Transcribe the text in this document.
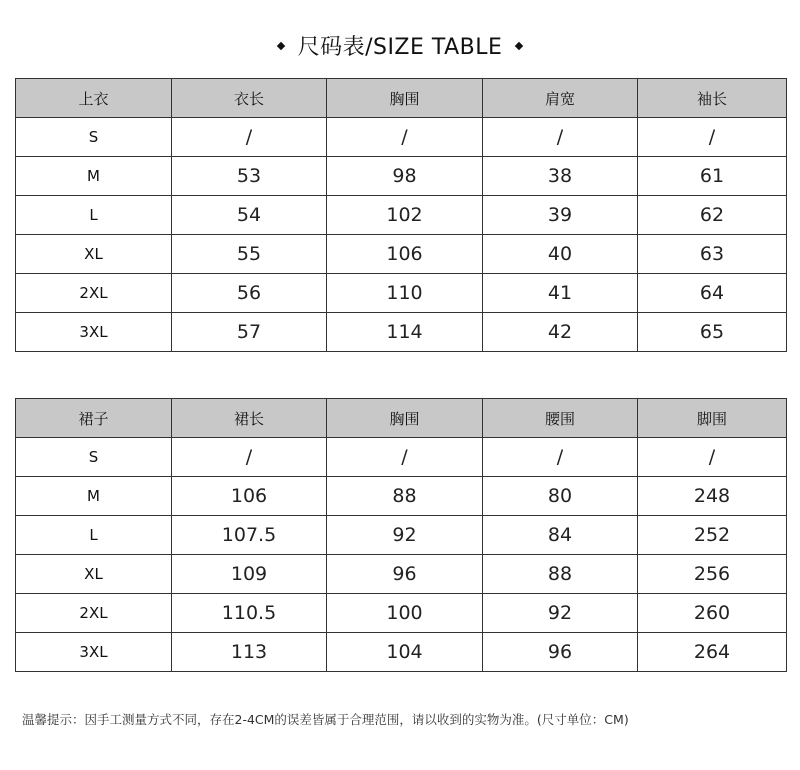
尺码表/SIZE TABLE
上衣	衣长	胸围	肩宽	袖长
S	/	/	/	/
M	53	98	38	61
L	54	102	39	62
XL	55	106	40	63
2XL	56	110	41	64
3XL	57	114	42	65
裙子	裙长	胸围	腰围	脚围
S	/	/	/	/
M	106	88	80	248
L	107.5	92	84	252
XL	109	96	88	256
2XL	110.5	100	92	260
3XL	113	104	96	264
温馨提示：因手工测量方式不同，存在2-4CM的误差皆属于合理范围，请以收到的实物为准。(尺寸单位：CM)
